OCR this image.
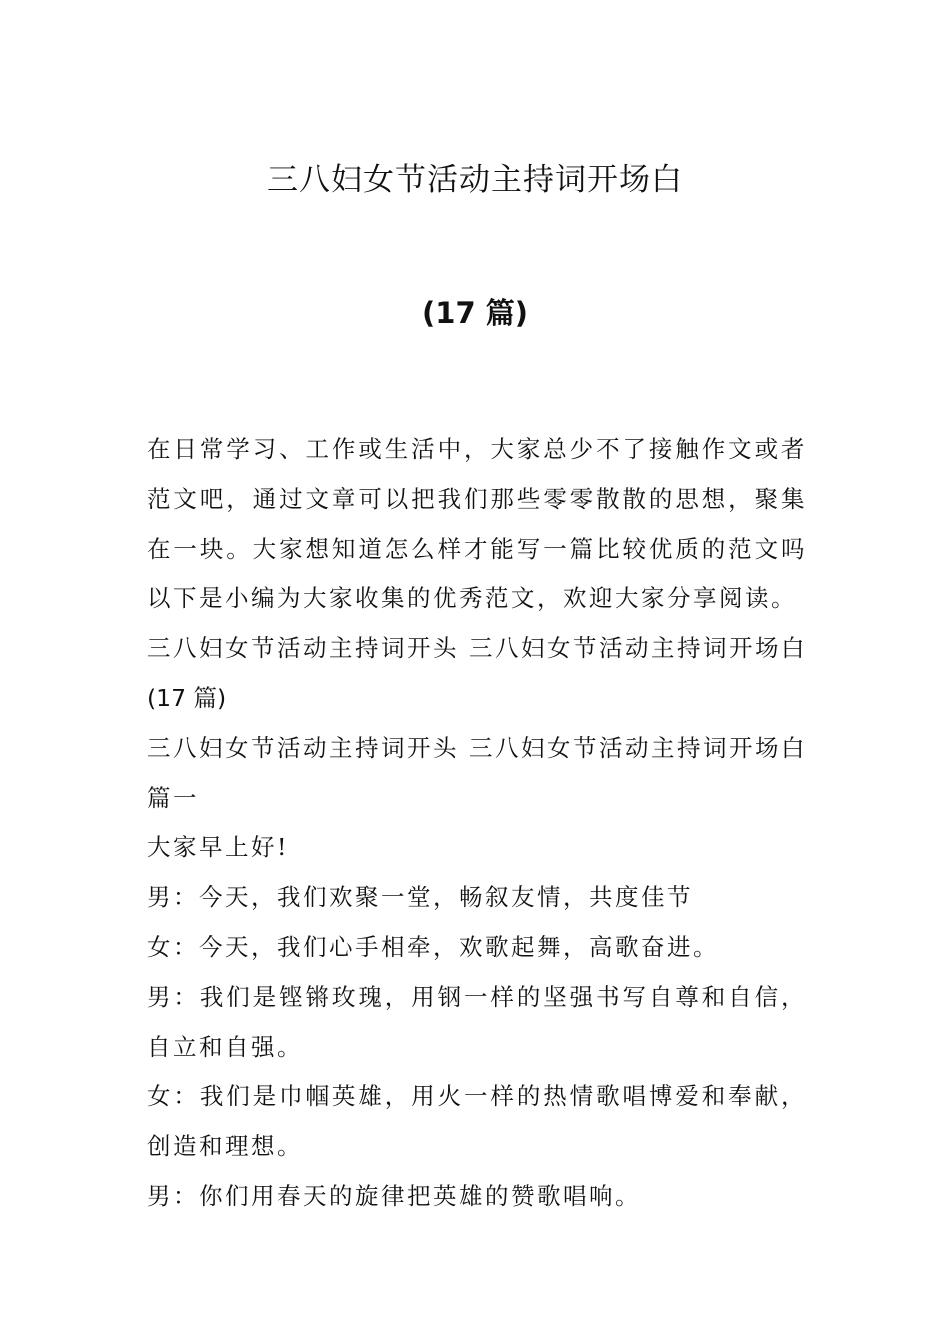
三八妇女节活动主持词开场白
(17 篇)

在日常学习、工作或生活中，大家总少不了接触作文或者范文吧，通过文章可以把我们那些零零散散的思想，聚集在一块。大家想知道怎么样才能写一篇比较优质的范文吗以下是小编为大家收集的优秀范文，欢迎大家分享阅读。

三八妇女节活动主持词开头 三八妇女节活动主持词开场白

(17 篇)

三八妇女节活动主持词开头 三八妇女节活动主持词开场白篇一

大家早上好!

男：今天，我们欢聚一堂，畅叙友情，共度佳节

女：今天，我们心手相牵，欢歌起舞，高歌奋进。

男：我们是铿锵玫瑰，用钢一样的坚强书写自尊和自信，自立和自强。

女：我们是巾帼英雄，用火一样的热情歌唱博爱和奉献，创造和理想。

男：你们用春天的旋律把英雄的赞歌唱响。
